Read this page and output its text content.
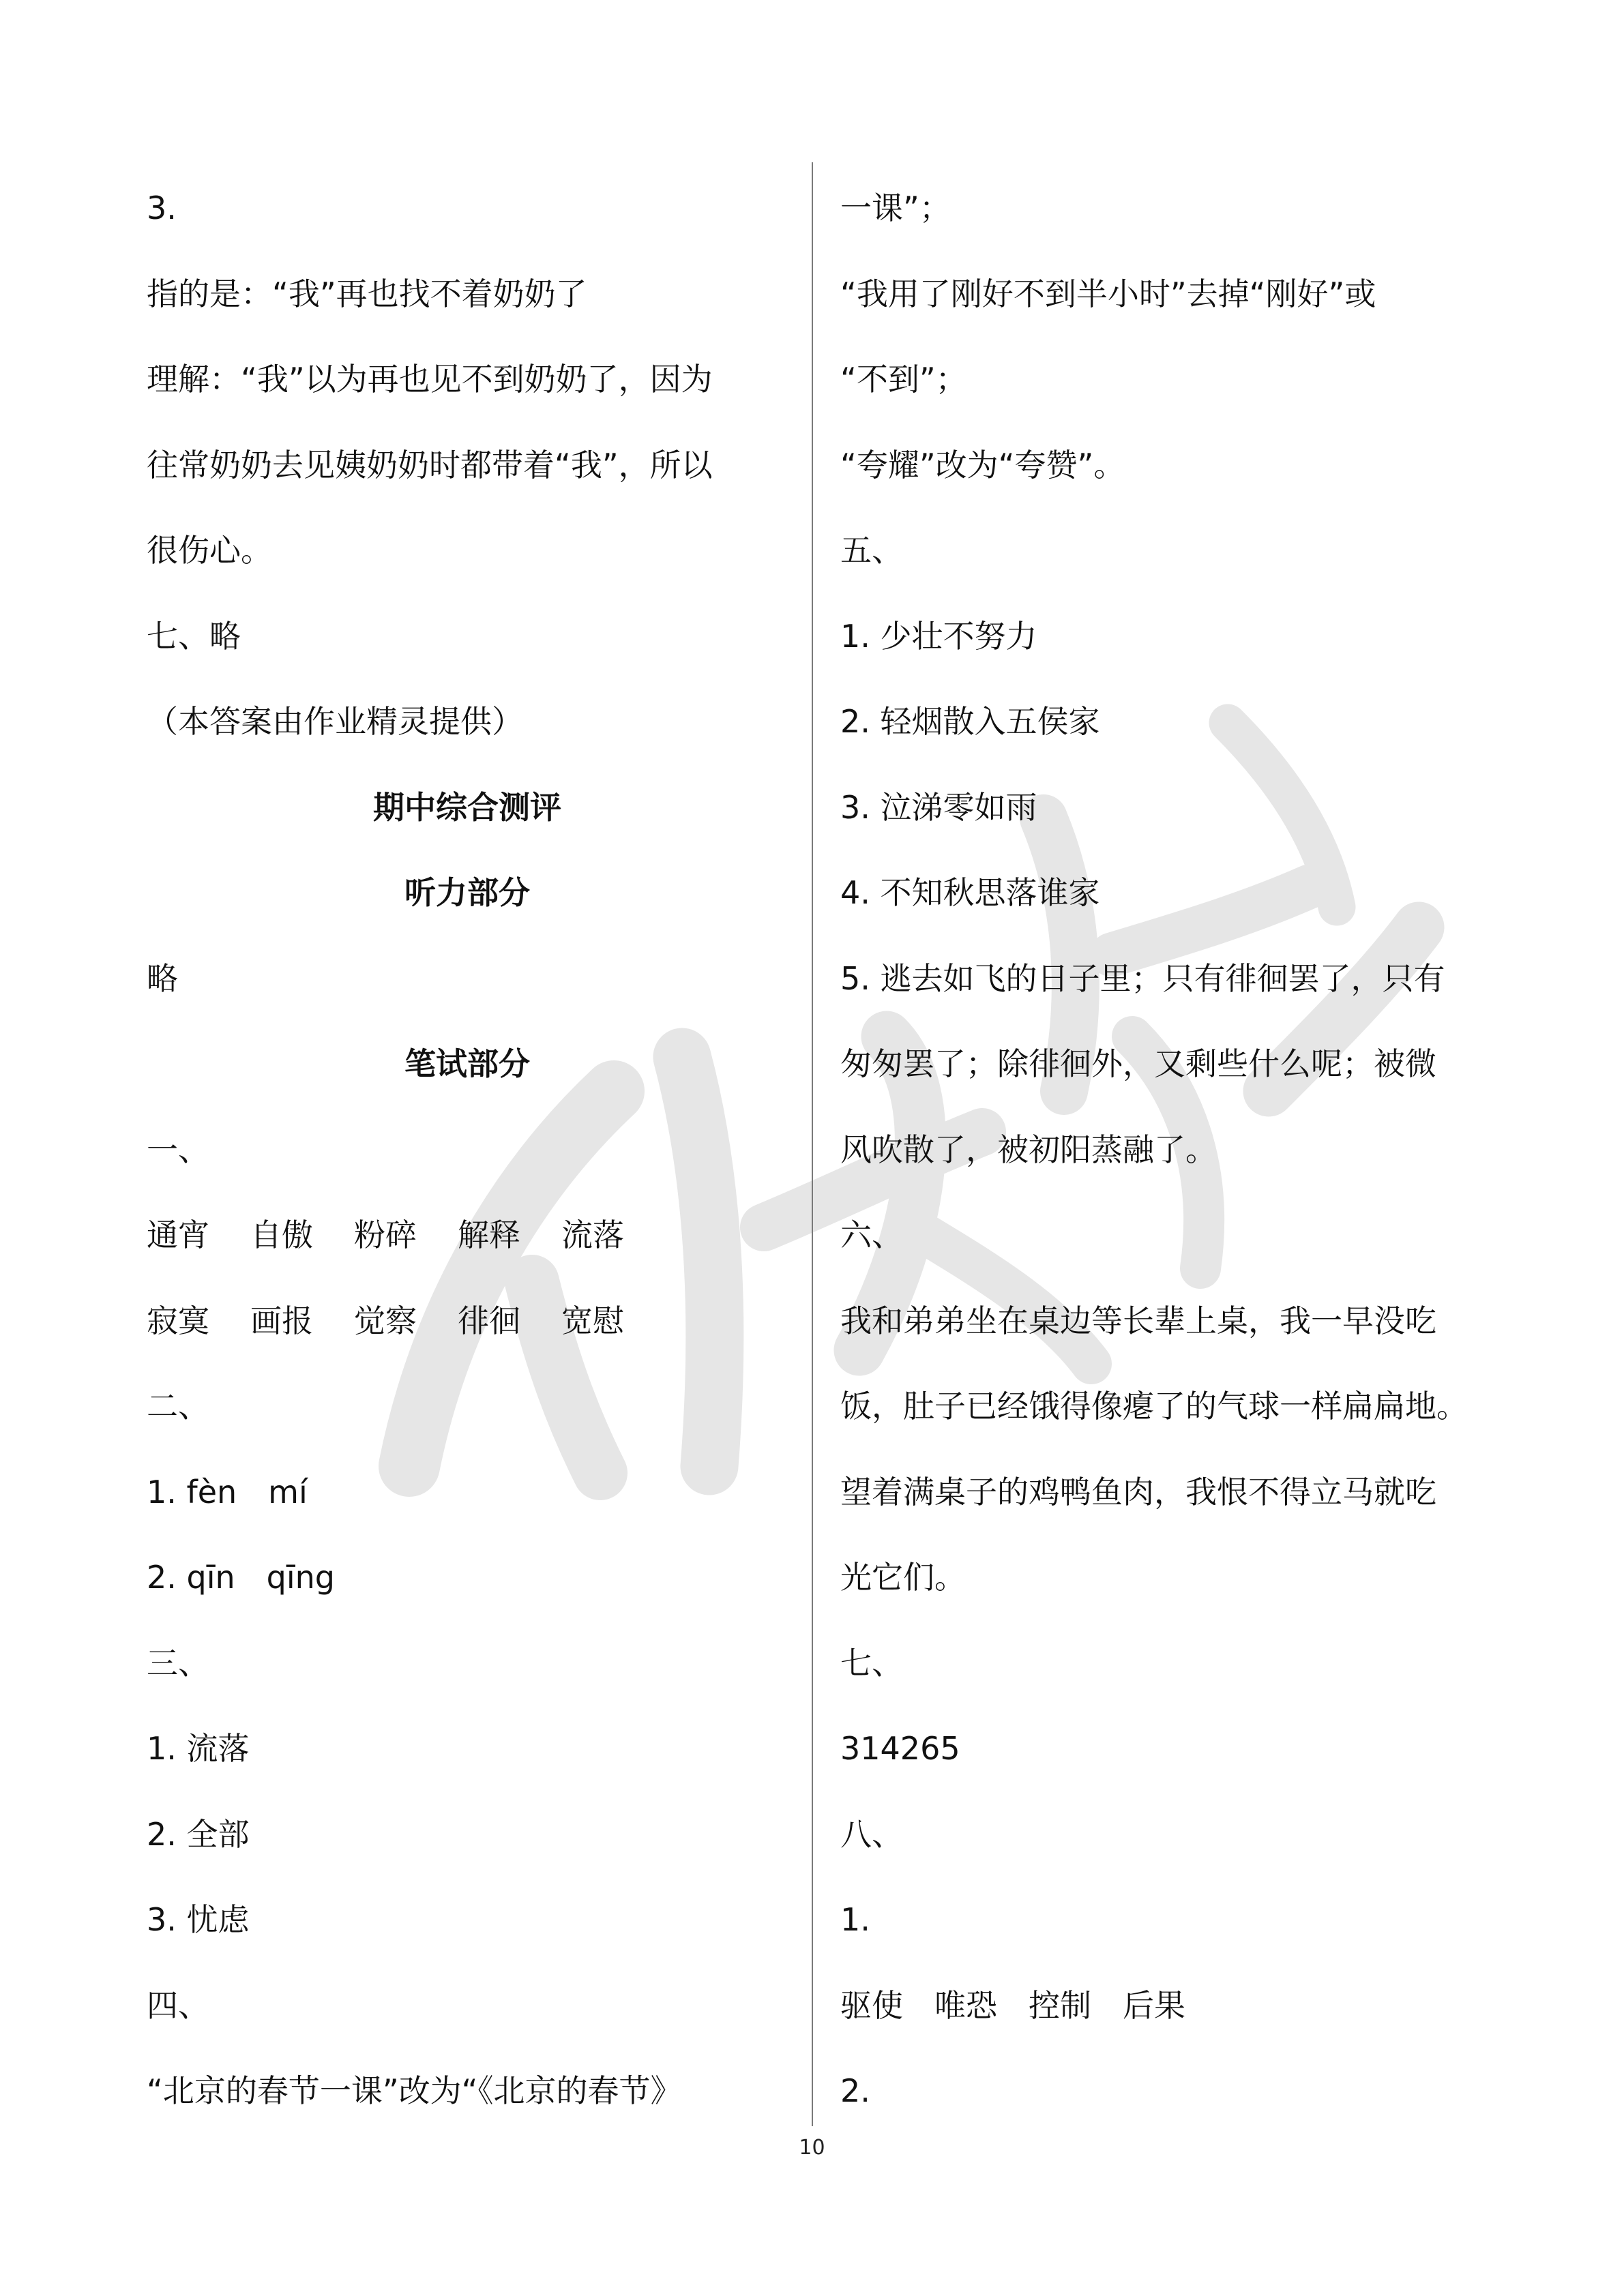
3.
指的是：“我”再也找不着奶奶了
理解：“我”以为再也见不到奶奶了，因为
往常奶奶去见姨奶奶时都带着“我”，所以
很伤心。
七、略
（本答案由作业精灵提供）
期中综合测评
听力部分
略
笔试部分
一、
通宵 自傲 粉碎 解释 流落
寂寞 画报 觉察 徘徊 宽慰
二、
1. fèn　mí
2. qīn　qīng
三、
1. 流落
2. 全部
3. 忧虑
四、
“北京的春节一课”改为“《北京的春节》
一课”；
“我用了刚好不到半小时”去掉“刚好”或
“不到”；
“夸耀”改为“夸赞”。
五、
1. 少壮不努力
2. 轻烟散入五侯家
3. 泣涕零如雨
4. 不知秋思落谁家
5. 逃去如飞的日子里；只有徘徊罢了，只有
匆匆罢了；除徘徊外，又剩些什么呢；被微
风吹散了，被初阳蒸融了。
六、
我和弟弟坐在桌边等长辈上桌，我一早没吃
饭，肚子已经饿得像瘪了的气球一样扁扁地。
望着满桌子的鸡鸭鱼肉，我恨不得立马就吃
光它们。
七、
314265
八、
1.
驱使　唯恐　控制　后果
2.
10
